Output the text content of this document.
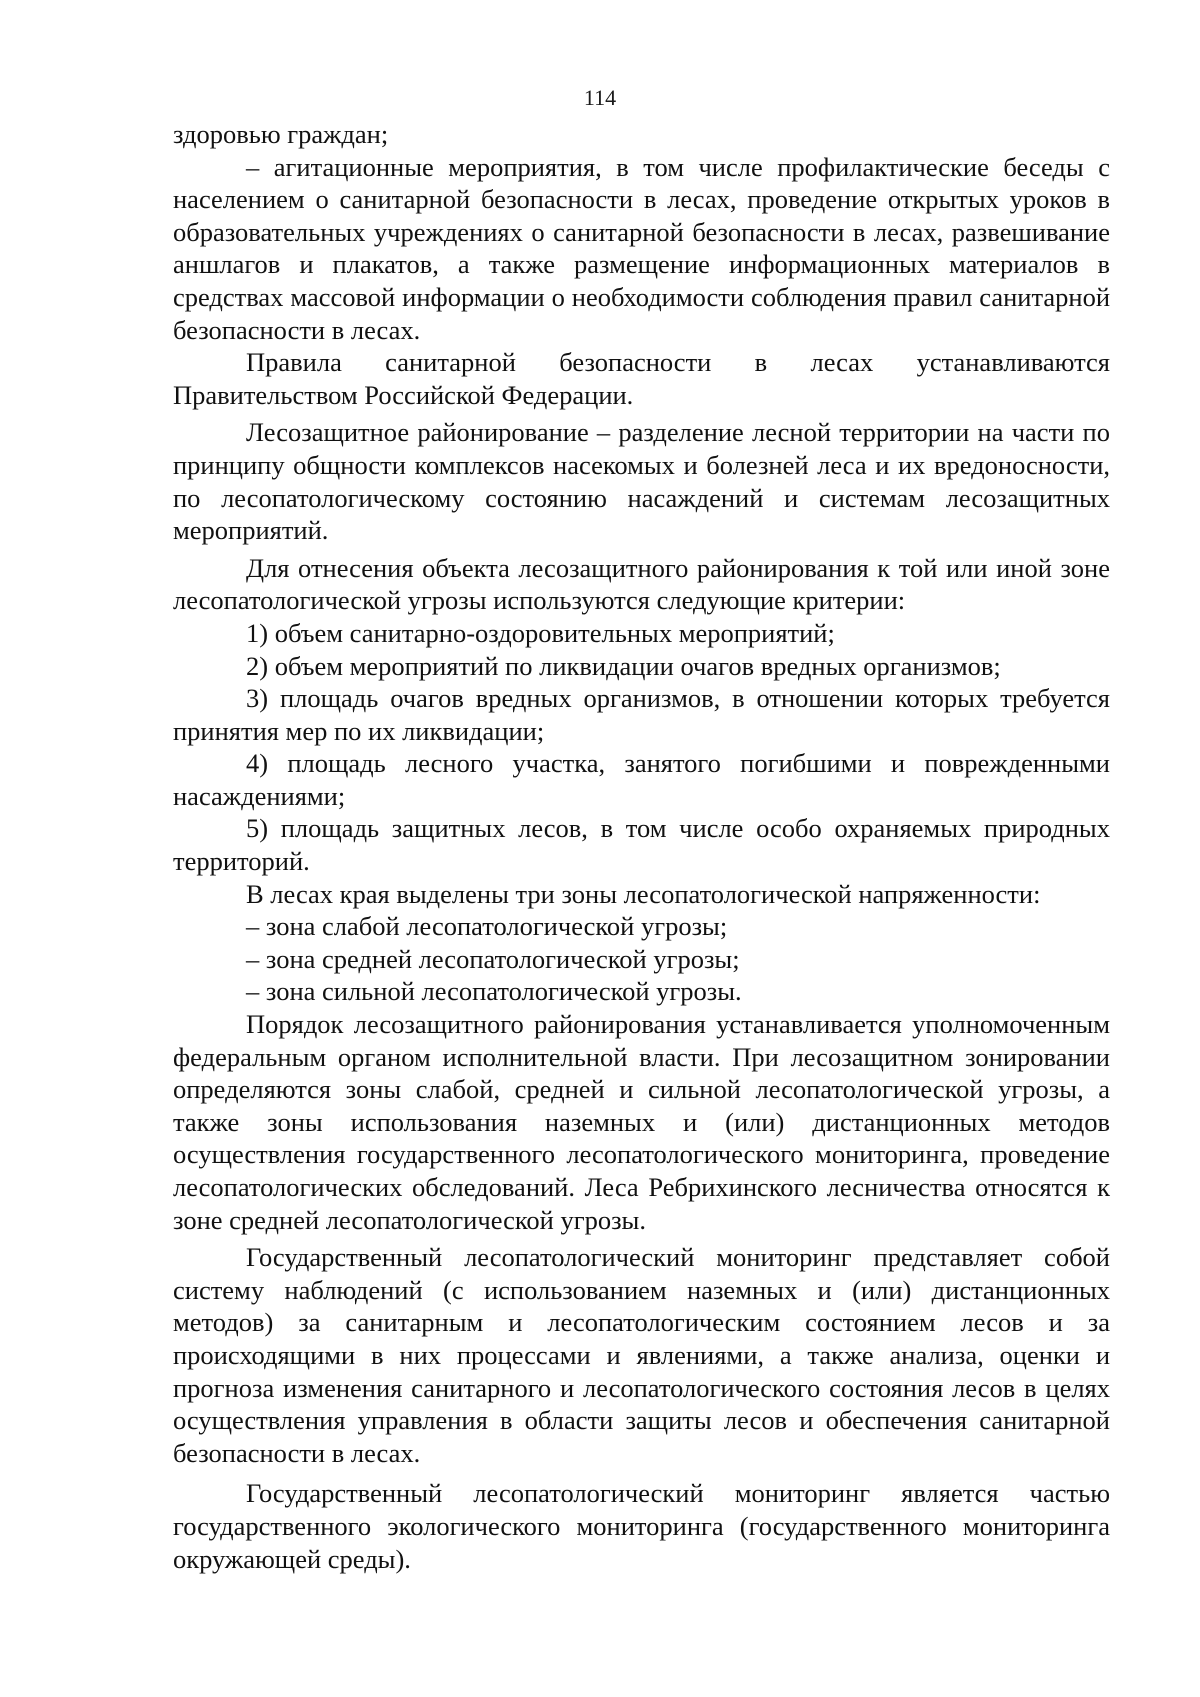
114

здоровью граждан;

– агитационные мероприятия, в том числе профилактические беседы с населением о санитарной безопасности в лесах, проведение открытых уроков в образовательных учреждениях о санитарной безопасности в лесах, развешивание аншлагов и плакатов, а также размещение информационных материалов в средствах массовой информации о необходимости соблюдения правил санитарной безопасности в лесах.

Правила санитарной безопасности в лесах устанавливаются Правительством Российской Федерации.

Лесозащитное районирование – разделение лесной территории на части по принципу общности комплексов насекомых и болезней леса и их вредоносности, по лесопатологическому состоянию насаждений и системам лесозащитных мероприятий.

Для отнесения объекта лесозащитного районирования к той или иной зоне лесопатологической угрозы используются следующие критерии:

1) объем санитарно-оздоровительных мероприятий;

2) объем мероприятий по ликвидации очагов вредных организмов;

3) площадь очагов вредных организмов, в отношении которых требуется принятия мер по их ликвидации;

4) площадь лесного участка, занятого погибшими и поврежденными насаждениями;

5) площадь защитных лесов, в том числе особо охраняемых природных территорий.

В лесах края выделены три зоны лесопатологической напряженности:

– зона слабой лесопатологической угрозы;

– зона средней лесопатологической угрозы;

– зона сильной лесопатологической угрозы.

Порядок лесозащитного районирования устанавливается уполномоченным федеральным органом исполнительной власти. При лесозащитном зонировании определяются зоны слабой, средней и сильной лесопатологической угрозы, а также зоны использования наземных и (или) дистанционных методов осуществления государственного лесопатологического мониторинга, проведение лесопатологических обследований. Леса Ребрихинского лесничества относятся к зоне средней лесопатологической угрозы.

Государственный лесопатологический мониторинг представляет собой систему наблюдений (с использованием наземных и (или) дистанционных методов) за санитарным и лесопатологическим состоянием лесов и за происходящими в них процессами и явлениями, а также анализа, оценки и прогноза изменения санитарного и лесопатологического состояния лесов в целях осуществления управления в области защиты лесов и обеспечения санитарной безопасности в лесах.

Государственный лесопатологический мониторинг является частью государственного экологического мониторинга (государственного мониторинга окружающей среды).
